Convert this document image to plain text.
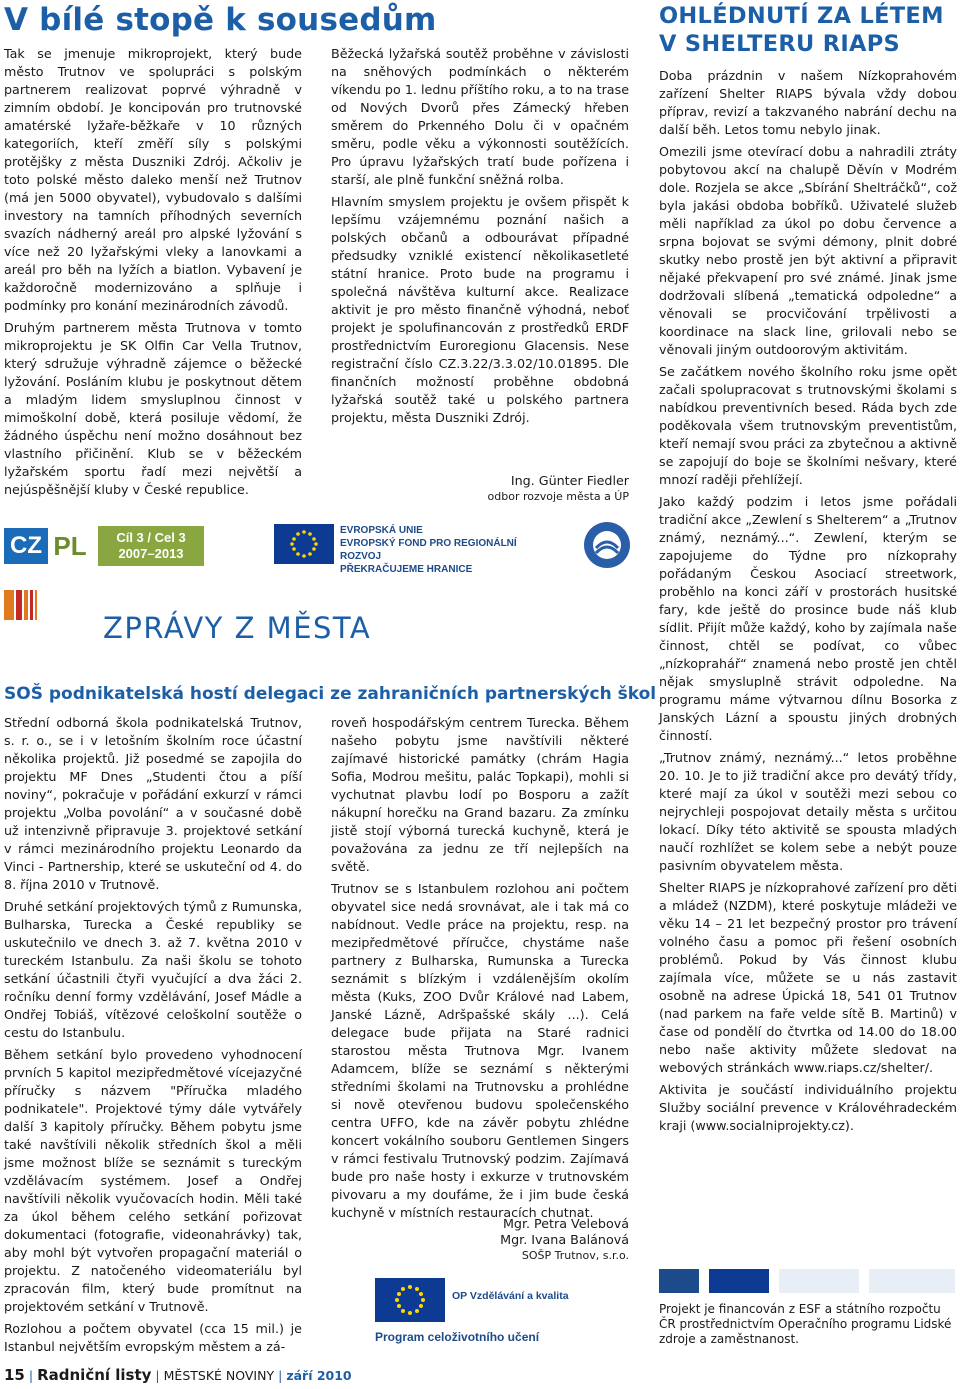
V bílé stopě k sousedům

Tak se jmenuje mikroprojekt, který bude město Trutnov ve spolupráci s polským partnerem realizovat poprvé výhradně v zimním období. Je koncipován pro trutnovské amatérské lyžaře-běžkaře v 10 různých kategoriích, kteří změří síly s polskými protějšky z města Duszniki Zdrój. Ačkoliv je toto polské město daleko menší než Trutnov (má jen 5000 obyvatel), vybudovalo s dalšími investory na tamních příhodných severních svazích nádherný areál pro alpské lyžování s více než 20 lyžařskými vleky a lanovkami a areál pro běh na lyžích a biatlon. Vybavení je každoročně modernizováno a splňuje i podmínky pro konání mezinárodních závodů.

Druhým partnerem města Trutnova v tomto mikroprojektu je SK Olfin Car Vella Trutnov, který sdružuje výhradně zájemce o běžecké lyžování. Posláním klubu je poskytnout dětem a mladým lidem smysluplnou činnost v mimoškolní době, která posiluje vědomí, že žádného úspěchu není možno dosáhnout bez vlastního přičinění. Klub se v běžeckém lyžařském sportu řadí mezi největší a nejúspěšnější kluby v České republice.

Běžecká lyžařská soutěž proběhne v závislosti na sněhových podmínkách o některém víkendu po 1. lednu příštího roku, a to na trase od Nových Dvorů přes Zámecký hřeben směrem do Prkenného Dolu či v opačném směru, podle věku a výkonnosti soutěžících. Pro úpravu lyžařských tratí bude pořízena i starší, ale plně funkční sněžná rolba.

Hlavním smyslem projektu je ovšem přispět k lepšímu vzájemnému poznání našich a polských občanů a odbourávat případné předsudky vzniklé existencí několikasetleté státní hranice. Proto bude na programu i společná návštěva kulturní akce. Realizace aktivit je pro město finančně výhodná, neboť projekt je spolufinancován z prostředků ERDF prostřednictvím Euroregionu Glacensis. Nese registrační číslo CZ.3.22/3.3.02/10.01895. Dle finančních možností proběhne obdobná lyžařská soutěž také u polského partnera projektu, města Duszniki Zdrój.

Ing. Günter Fiedler
odbor rozvoje města a ÚP
CZ PL	Cíl 3 / Cel 3
2007–2013
EVROPSKÁ UNIE
EVROPSKÝ FOND PRO REGIONÁLNÍ ROZVOJ
PŘEKRAČUJEME HRANICE
ZPRÁVY Z MĚSTA
SOŠ podnikatelská hostí delegaci ze zahraničních partnerských škol

Střední odborná škola podnikatelská Trutnov, s. r. o., se i v letošním školním roce účastní několika projektů. Již posedmé se zapojila do projektu MF Dnes „Studenti čtou a píší noviny“, pokračuje v pořádání exkurzí v rámci projektu „Volba povolání“ a v současné době už intenzivně připravuje 3. projektové setkání v rámci mezinárodního projektu Leonardo da Vinci - Partnership, které se uskuteční od 4. do 8. října 2010 v Trutnově.

Druhé setkání projektových týmů z Rumunska, Bulharska, Turecka a České republiky se uskutečnilo ve dnech 3. až 7. května 2010 v tureckém Istanbulu. Za naši školu se tohoto setkání účastnili čtyři vyučující a dva žáci 2. ročníku denní formy vzdělávání, Josef Mádle a Ondřej Tobiáš, vítězové celoškolní soutěže o cestu do Istanbulu.

Během setkání bylo provedeno vyhodnocení prvních 5 kapitol mezipředmětové vícejazyčné příručky s názvem "Příručka mladého podnikatele". Projektové týmy dále vytvářely další 3 kapitoly příručky. Během pobytu jsme také navštívili několik středních škol a měli jsme možnost blíže se seznámit s tureckým vzdělávacím systémem. Josef a Ondřej navštívili několik vyučovacích hodin. Měli také za úkol během celého setkání pořizovat dokumentaci (fotografie, videonahrávky) tak, aby mohl být vytvořen propagační materiál o projektu. Z natočeného videomateriálu byl zpracován film, který bude promítnut na projektovém setkání v Trutnově.

Rozlohou a počtem obyvatel (cca 15 mil.) je Istanbul největším evropským městem a zá-

roveň hospodářským centrem Turecka. Během našeho pobytu jsme navštívili některé zajímavé historické památky (chrám Hagia Sofia, Modrou mešitu, palác Topkapi), mohli si vychutnat plavbu lodí po Bosporu a zažít nákupní horečku na Grand bazaru. Za zmínku jistě stojí výborná turecká kuchyně, která je považována za jednu ze tří nejlepších na světě.

Trutnov se s Istanbulem rozlohou ani počtem obyvatel sice nedá srovnávat, ale i tak má co nabídnout. Vedle práce na projektu, resp. na mezipředmětové příručce, chystáme naše partnery z Bulharska, Rumunska a Turecka seznámit s blízkým i vzdálenějším okolím města (Kuks, ZOO Dvůr Králové nad Labem, Janské Lázně, Adršpašské skály ...). Celá delegace bude přijata na Staré radnici starostou města Trutnova Mgr. Ivanem Adamcem, blíže se seznámí s některými středními školami na Trutnovsku a prohlédne si nově otevřenou budovu společenského centra UFFO, kde na závěr pobytu zhlédne koncert vokálního souboru Gentlemen Singers v rámci festivalu Trutnovský podzim. Zajímavá bude pro naše hosty i exkurze v trutnovském pivovaru a my doufáme, že i jim bude česká kuchyně v místních restauracích chutnat.

Mgr. Petra Velebová
Mgr. Ivana Balánová
SOŠP Trutnov, s.r.o.
OP Vzdělávání a kvalita
Program celoživotního učení
OHLÉDNUTÍ ZA LÉTEM
V SHELTERU RIAPS

Doba prázdnin v našem Nízkoprahovém zařízení Shelter RIAPS bývala vždy dobou příprav, revizí a takzvaného nabrání dechu na další běh. Letos tomu nebylo jinak.

Omezili jsme otevírací dobu a nahradili ztráty pobytovou akcí na chalupě Děvín v Modrém dole. Rozjela se akce „Sbírání Sheltráčků“, což byla jakási obdoba bobříků. Uživatelé služeb měli například za úkol po dobu července a srpna bojovat se svými démony, plnit dobré skutky nebo prostě jen být aktivní a připravit nějaké překvapení pro své známé. Jinak jsme dodržovali slíbená „tematická odpoledne“ a věnovali se procvičování trpělivosti a koordinace na slack line, grilovali nebo se věnovali jiným outdoorovým aktivitám.

Se začátkem nového školního roku jsme opět začali spolupracovat s trutnovskými školami s nabídkou preventivních besed. Ráda bych zde poděkovala všem trutnovským preventistům, kteří nemají svou práci za zbytečnou a aktivně se zapojují do boje se školními nešvary, které mnozí raději přehlížejí.

Jako každý podzim i letos jsme pořádali tradiční akce „Zewlení s Shelterem“ a „Trutnov známý, neznámý...“. Zewlení, kterým se zapojujeme do Týdne pro nízkoprahy pořádaným Českou Asociací streetwork, proběhlo na konci září v prostorách husitské fary, kde ještě do prosince bude náš klub sídlit. Přijít může každý, koho by zajímala naše činnost, chtěl se podívat, co vůbec „nízkoprahář“ znamená nebo prostě jen chtěl nějak smysluplně strávit odpoledne. Na programu máme výtvarnou dílnu Bosorka z Janských Lázní a spoustu jiných drobných činností.

„Trutnov známý, neznámý...“ letos proběhne 20. 10. Je to již tradiční akce pro devátý třídy, které mají za úkol v soutěži mezi sebou co nejrychleji pospojovat detaily města s určitou lokací. Díky této aktivitě se spousta mladých naučí rozhlížet se kolem sebe a nebýt pouze pasivním obyvatelem města.

Shelter RIAPS je nízkoprahové zařízení pro děti a mládež (NZDM), které poskytuje mládeži ve věku 14 – 21 let bezpečný prostor pro trávení volného času a pomoc při řešení osobních problémů. Pokud by Vás činnost klubu zajímala více, můžete se u nás zastavit osobně na adrese Úpická 18, 541 01 Trutnov (nad parkem na faře velde sítě B. Martinů) v čase od pondělí do čtvrtka od 14.00 do 18.00 nebo naše aktivity můžete sledovat na webových stránkách www.riaps.cz/shelter/.

Aktivita je součástí individuálního projektu Služby sociální prevence v Královéhradeckém kraji (www.socialniprojekty.cz).

Projekt je financován z ESF a státního rozpočtu ČR prostřednictvím Operačního programu Lidské zdroje a zaměstnanost.
15 | Radniční listy | MĚSTSKÉ NOVINY | září 2010
